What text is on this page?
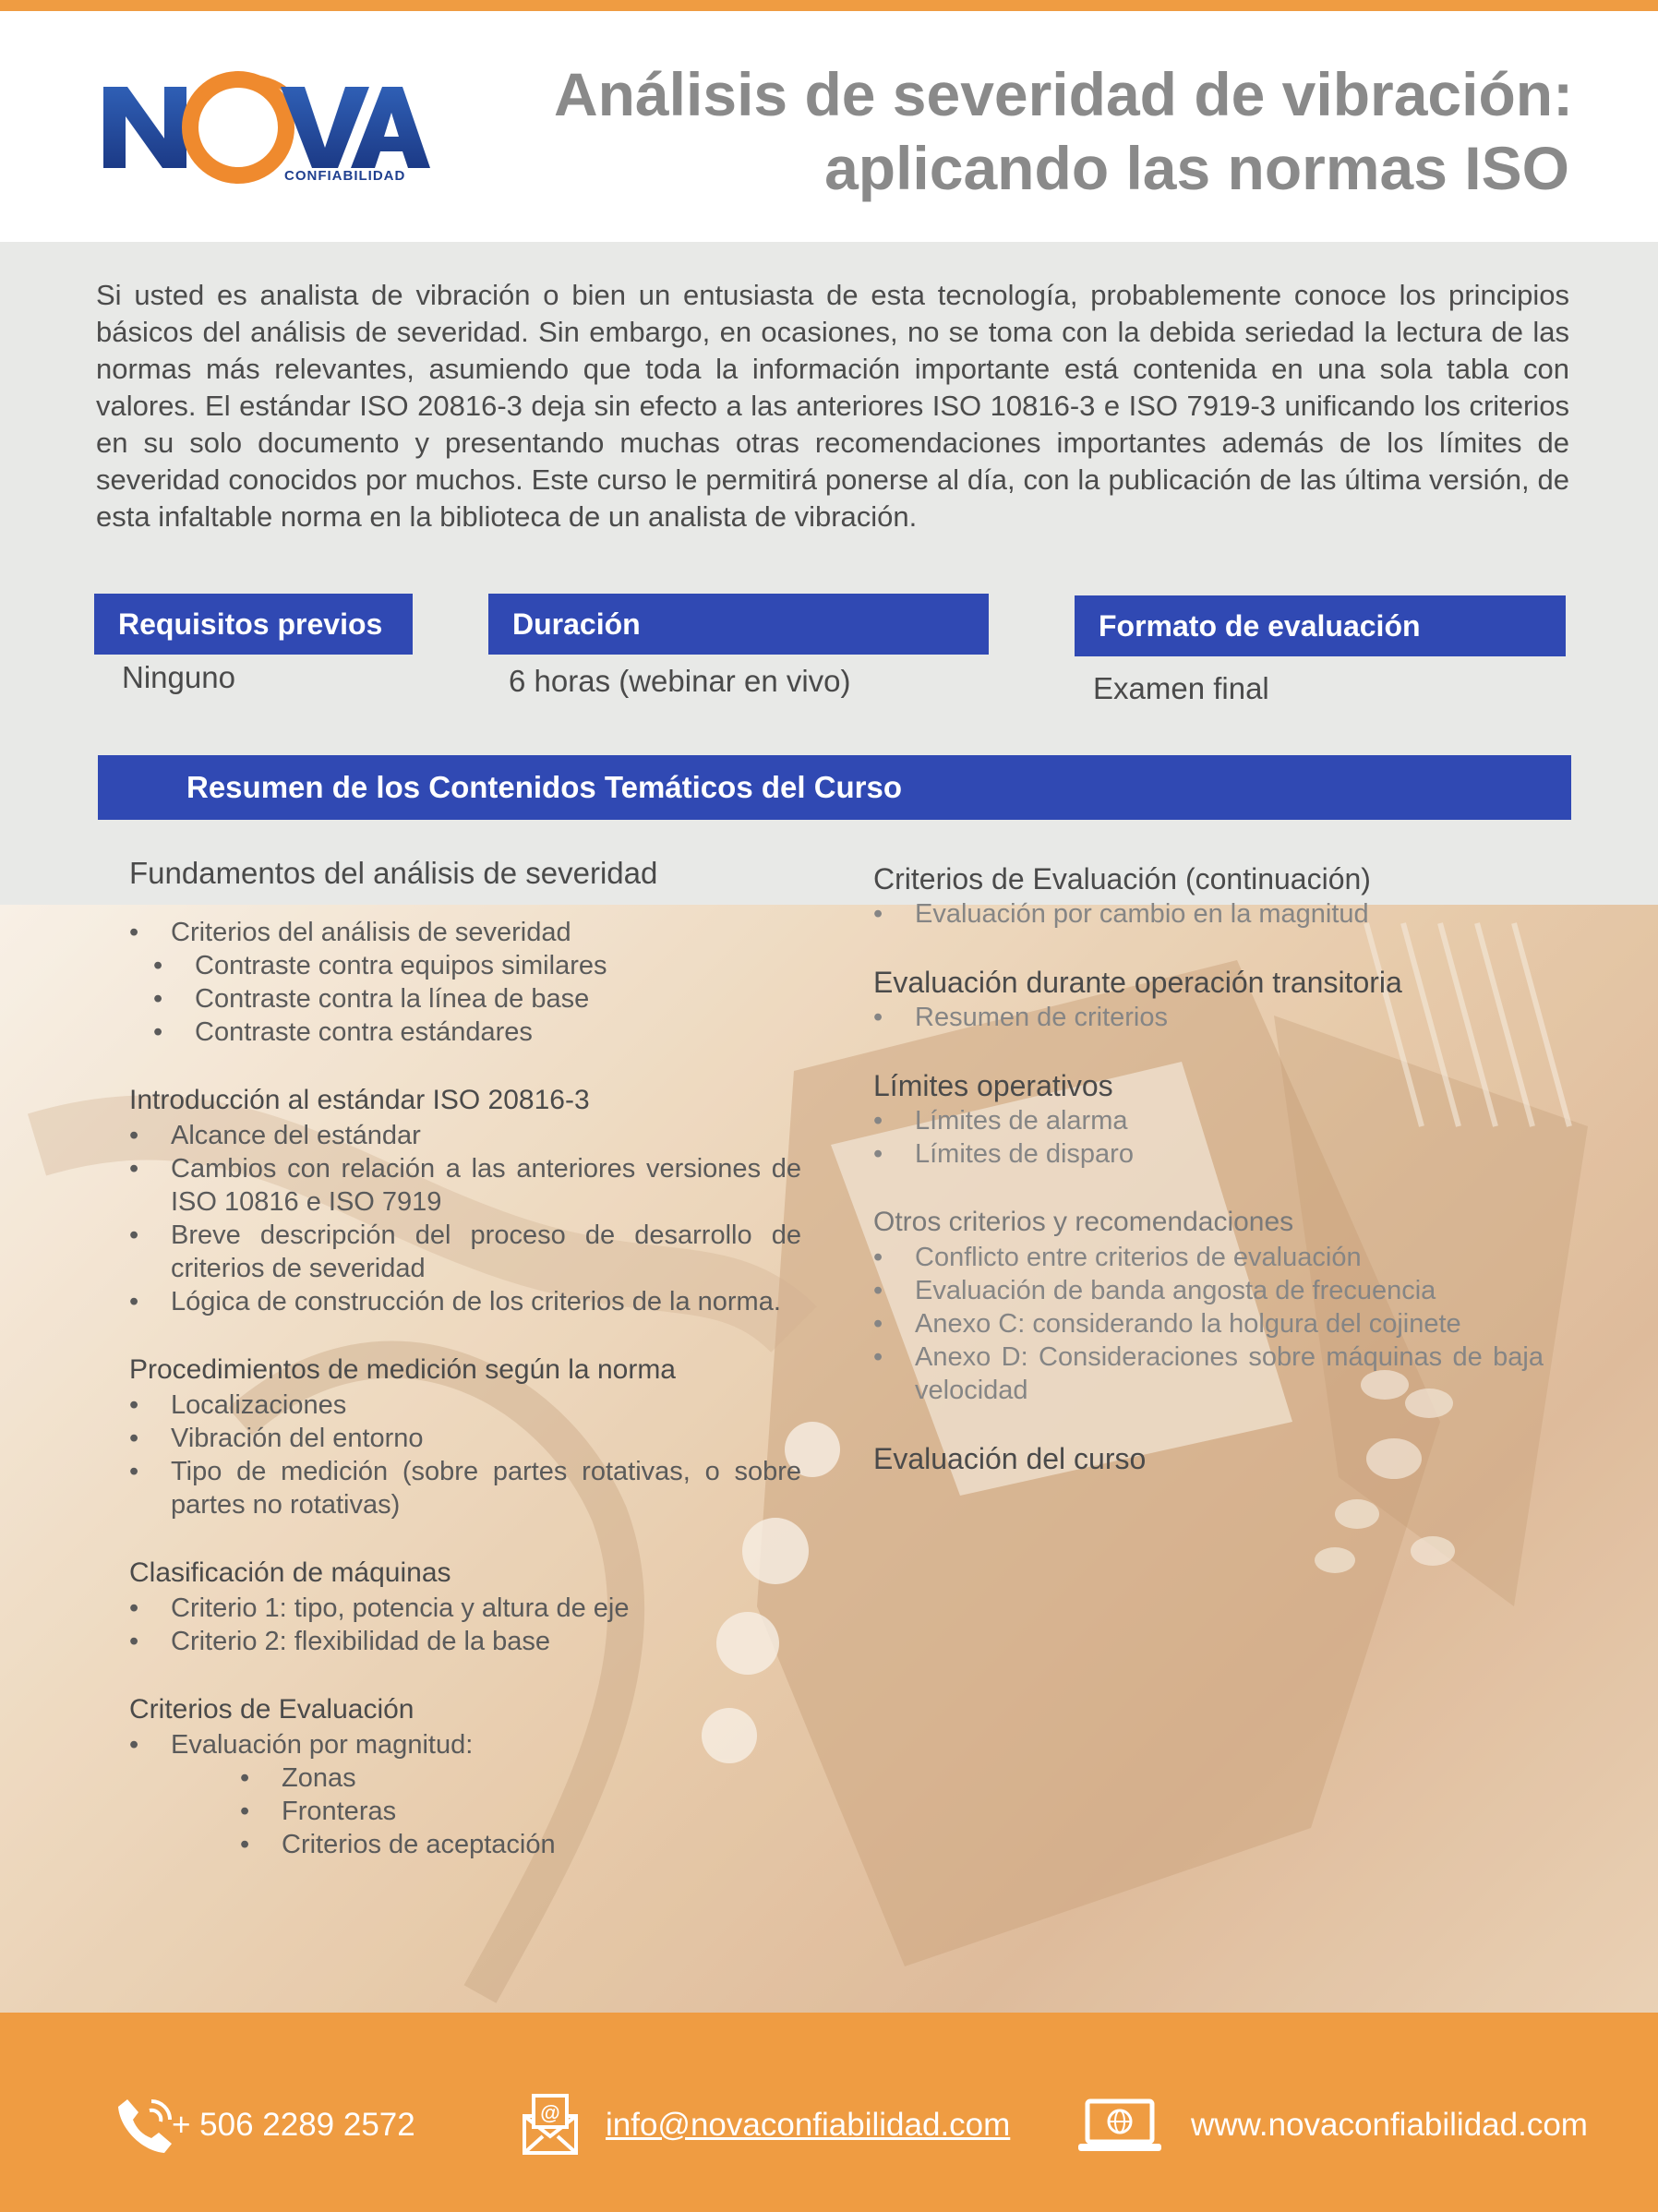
CONFIABILIDAD
Análisis de severidad de vibración:
aplicando las normas ISO

Si usted es analista de vibración o bien un entusiasta de esta tecnología, probablemente conoce los principios básicos del análisis de severidad. Sin embargo, en ocasiones, no se toma con la debida seriedad la lectura de las normas más relevantes, asumiendo que toda la información importante está contenida en una sola tabla con valores. El estándar ISO 20816-3 deja sin efecto a las anteriores ISO 10816-3 e ISO 7919-3 unificando los criterios en su solo documento y presentando muchas otras recomendaciones importantes además de los límites de severidad conocidos por muchos. Este curso le permitirá ponerse al día, con la publicación de las última versión, de esta infaltable norma en la biblioteca de un analista de vibración.

Requisitos previos
Ninguno
Duración
6 horas (webinar en vivo)
Formato de evaluación
Examen final
Resumen de los Contenidos Temáticos del Curso
Fundamentos del análisis de severidad
• Criterios del análisis de severidad
• Contraste contra equipos similares
• Contraste contra la línea de base
• Contraste contra estándares
Introducción al estándar ISO 20816-3
• Alcance del estándar
• Cambios con relación a las anteriores versiones de ISO 10816 e ISO 7919
• Breve descripción del proceso de desarrollo de criterios de severidad
• Lógica de construcción de los criterios de la norma.
Procedimientos de medición según la norma
• Localizaciones
• Vibración del entorno
• Tipo de medición (sobre partes rotativas, o sobre partes no rotativas)
Clasificación de máquinas
• Criterio 1: tipo, potencia y altura de eje
• Criterio 2: flexibilidad de la base
Criterios de Evaluación
• Evaluación por magnitud:
• Zonas
• Fronteras
• Criterios de aceptación
Criterios de Evaluación (continuación)
• Evaluación por cambio en la magnitud
Evaluación durante operación transitoria
• Resumen de criterios
Límites operativos
• Límites de alarma
• Límites de disparo
Otros criterios y recomendaciones
• Conflicto entre criterios de evaluación
• Evaluación de banda angosta de frecuencia
• Anexo C: considerando la holgura del cojinete
• Anexo D: Consideraciones sobre máquinas de baja velocidad
Evaluación del curso
+ 506 2289 2572	@ info@novaconfiabilidad.com	www.novaconfiabilidad.com
